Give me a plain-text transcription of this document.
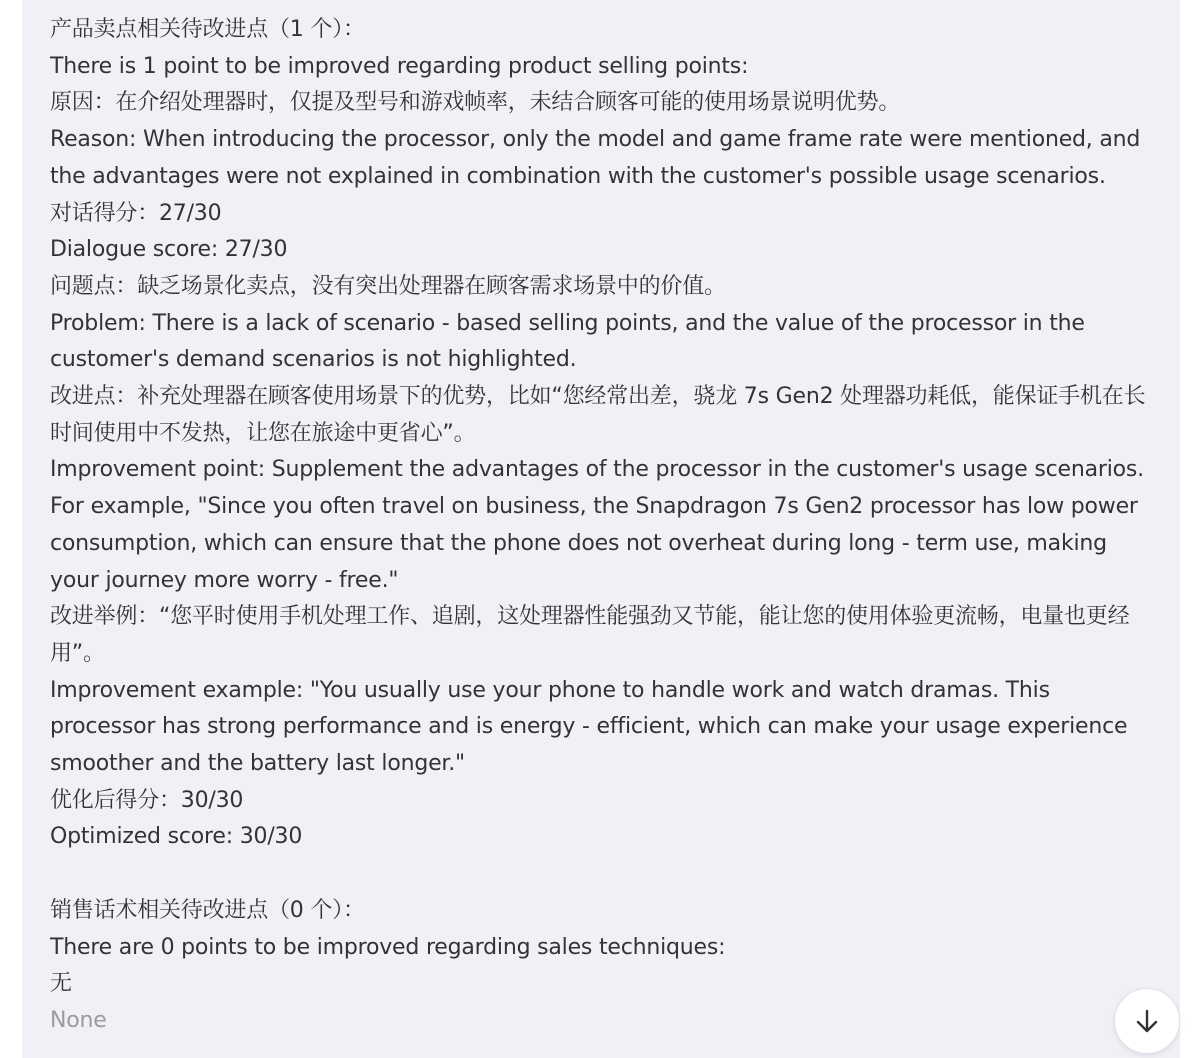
产品卖点相关待改进点（1 个）：

There is 1 point to be improved regarding product selling points:

原因：在介绍处理器时，仅提及型号和游戏帧率，未结合顾客可能的使用场景说明优势。

Reason: When introducing the processor, only the model and game frame rate were mentioned, and the advantages were not explained in combination with the customer's possible usage scenarios.

对话得分：27/30

Dialogue score: 27/30

问题点：缺乏场景化卖点，没有突出处理器在顾客需求场景中的价值。

Problem: There is a lack of scenario - based selling points, and the value of the processor in the customer's demand scenarios is not highlighted.

改进点：补充处理器在顾客使用场景下的优势，比如“您经常出差，骁龙 7s Gen2 处理器功耗低，能保证手机在长时间使用中不发热，让您在旅途中更省心”。

Improvement point: Supplement the advantages of the processor in the customer's usage scenarios. For example, "Since you often travel on business, the Snapdragon 7s Gen2 processor has low power consumption, which can ensure that the phone does not overheat during long - term use, making your journey more worry - free."

改进举例：“您平时使用手机处理工作、追剧，这处理器性能强劲又节能，能让您的使用体验更流畅，电量也更经用”。

Improvement example: "You usually use your phone to handle work and watch dramas. This processor has strong performance and is energy - efficient, which can make your usage experience smoother and the battery last longer."

优化后得分：30/30

Optimized score: 30/30

销售话术相关待改进点（0 个）：

There are 0 points to be improved regarding sales techniques:

无

None
